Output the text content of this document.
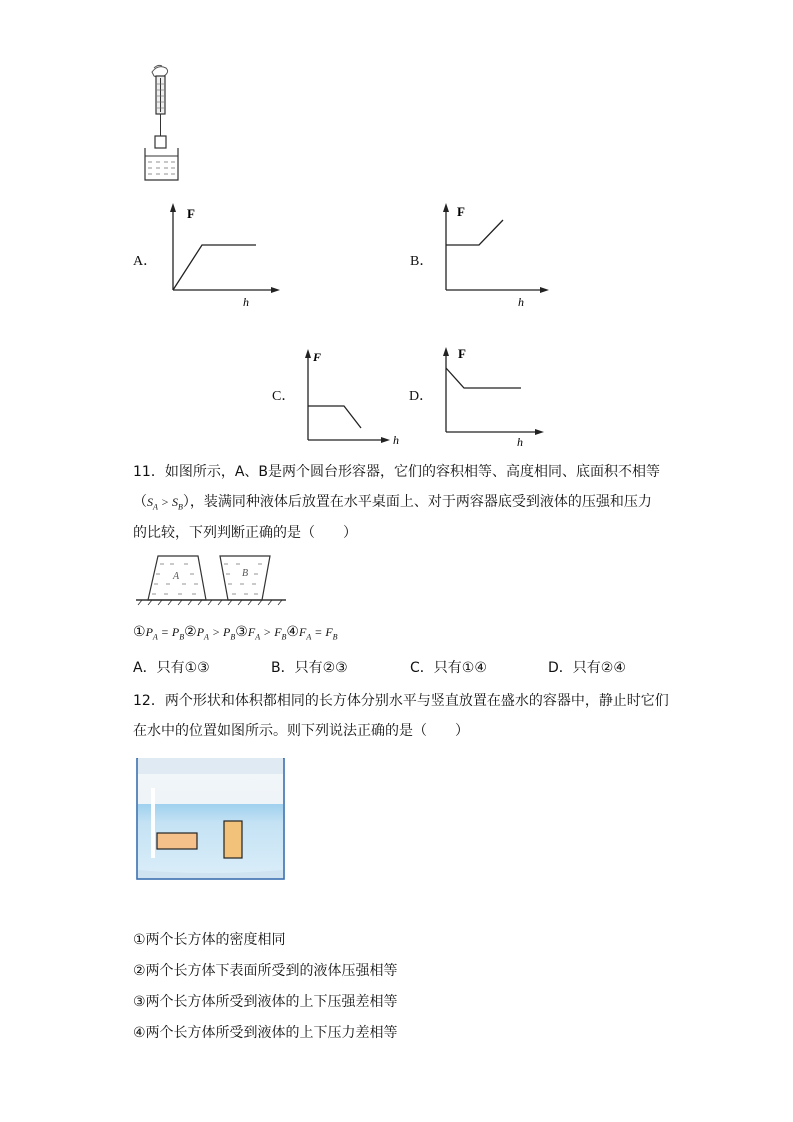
A．
F
h
B．
F
h
C．
F
h
D．
F
h
11．如图所示，A、B是两个圆台形容器，它们的容积相等、高度相同、底面积不相等
$(S_A > S_B)$，装满同种液体后放置在水平桌面上、对于两容器底受到液体的压强和压力
的比较，下列判断正确的是（　　）
A	B
$①P_A$ = $P_B②P_A$ > $P_B③F_A$ > $F_B④F_A = F_B$
A．只有①③	B．只有②③	C．只有①④	D．只有②④
12．两个形状和体积都相同的长方体分别水平与竖直放置在盛水的容器中，静止时它们
在水中的位置如图所示。则下列说法正确的是（　　）
①两个长方体的密度相同
②两个长方体下表面所受到的液体压强相等
③两个长方体所受到液体的上下压强差相等
④两个长方体所受到液体的上下压力差相等
